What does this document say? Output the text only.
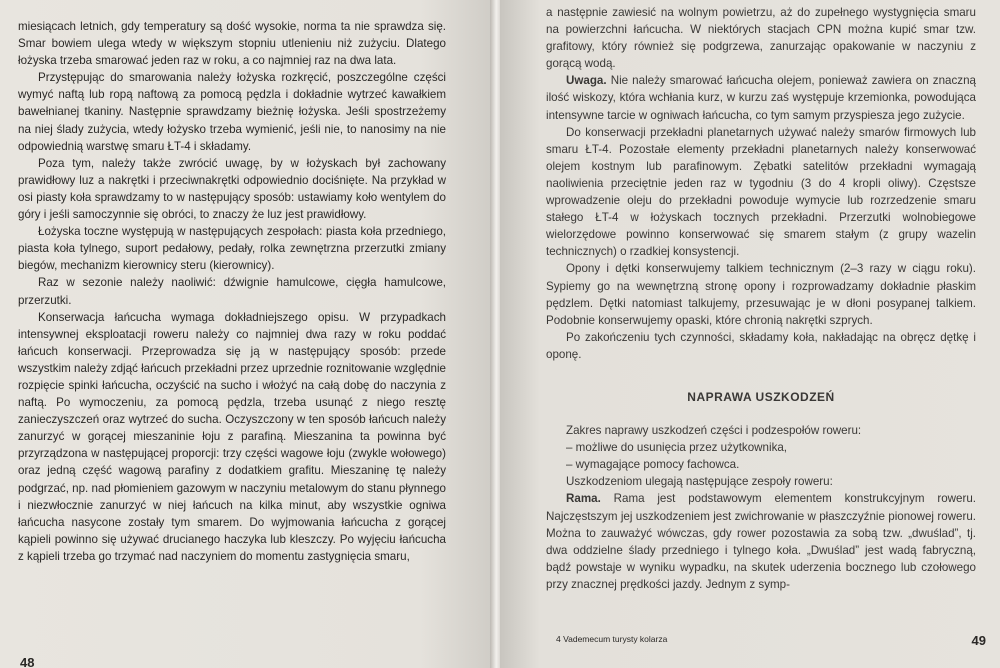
miesiącach letnich, gdy temperatury są dość wysokie, norma ta nie sprawdza się. Smar bowiem ulega wtedy w większym stopniu utlenieniu niż zużyciu. Dlatego łożyska trzeba smarować jeden raz w roku, a co najmniej raz na dwa lata.

Przystępując do smarowania należy łożyska rozkręcić, poszczególne części wymyć naftą lub ropą naftową za pomocą pędzla i dokładnie wytrzeć kawałkiem bawełnianej tkaniny. Następnie sprawdzamy bieżnię łożyska. Jeśli spostrzeżemy na niej ślady zużycia, wtedy łożysko trzeba wymienić, jeśli nie, to nanosimy na nie odpowiednią warstwę smaru ŁT-4 i składamy.

Poza tym, należy także zwrócić uwagę, by w łożyskach był zachowany prawidłowy luz a nakrętki i przeciwnakrętki odpowiednio dociśnięte. Na przykład w osi piasty koła sprawdzamy to w następujący sposób: ustawiamy koło wentylem do góry i jeśli samoczynnie się obróci, to znaczy że luz jest prawidłowy.

Łożyska toczne występują w następujących zespołach: piasta koła przedniego, piasta koła tylnego, suport pedałowy, pedały, rolka zewnętrzna przerzutki zmiany biegów, mechanizm kierownicy steru (kierownicy).

Raz w sezonie należy naoliwić: dźwignie hamulcowe, cięgła hamulcowe, przerzutki.

Konserwacja łańcucha wymaga dokładniejszego opisu. W przypadkach intensywnej eksploatacji roweru należy co najmniej dwa razy w roku poddać łańcuch konserwacji. Przeprowadza się ją w następujący sposób: przede wszystkim należy zdjąć łańcuch przekładni przez uprzednie roznitowanie względnie rozpięcie spinki łańcucha, oczyścić na sucho i włożyć na całą dobę do naczynia z naftą. Po wymoczeniu, za pomocą pędzla, trzeba usunąć z niego resztę zanieczyszczeń oraz wytrzeć do sucha. Oczyszczony w ten sposób łańcuch należy zanurzyć w gorącej mieszaninie łoju z parafiną. Mieszanina ta powinna być przyrządzona w następującej proporcji: trzy części wagowe łoju (zwykle wołowego) oraz jedną część wagową parafiny z dodatkiem grafitu. Mieszaninę tę należy podgrzać, np. nad płomieniem gazowym w naczyniu metalowym do stanu płynnego i niezwłocznie zanurzyć w niej łańcuch na kilka minut, aby wszystkie ogniwa łańcucha nasycone zostały tym smarem. Do wyjmowania łańcucha z gorącej kąpieli powinno się używać drucianego haczyka lub kleszczy. Po wyjęciu łańcucha z kąpieli trzeba go trzymać nad naczyniem do momentu zastygnięcia smaru,

48

a następnie zawiesić na wolnym powietrzu, aż do zupełnego wystygnięcia smaru na powierzchni łańcucha. W niektórych stacjach CPN można kupić smar tzw. grafitowy, który również się podgrzewa, zanurzając opakowanie w naczyniu z gorącą wodą.

Uwaga. Nie należy smarować łańcucha olejem, ponieważ zawiera on znaczną ilość wiskozy, która wchłania kurz, w kurzu zaś występuje krzemionka, powodująca intensywne tarcie w ogniwach łańcucha, co tym samym przyspiesza jego zużycie.

Do konserwacji przekładni planetarnych używać należy smarów firmowych lub smaru ŁT-4. Pozostałe elementy przekładni planetarnych należy konserwować olejem kostnym lub parafinowym. Zębatki satelitów przekładni wymagają naoliwienia przeciętnie jeden raz w tygodniu (3 do 4 kropli oliwy). Częstsze wprowadzenie oleju do przekładni powoduje wymycie lub rozrzedzenie smaru stałego ŁT-4 w łożyskach tocznych przekładni. Przerzutki wolnobiegowe wielorzędowe powinno konserwować się smarem stałym (z grupy wazelin technicznych) o rzadkiej konsystencji.

Opony i dętki konserwujemy talkiem technicznym (2–3 razy w ciągu roku). Sypiemy go na wewnętrzną stronę opony i rozprowadzamy dokładnie płaskim pędzlem. Dętki natomiast talkujemy, przesuwając je w dłoni posypanej talkiem. Podobnie konserwujemy opaski, które chronią nakrętki szprych.

Po zakończeniu tych czynności, składamy koła, nakładając na obręcz dętkę i oponę.

NAPRAWA USZKODZEŃ

Zakres naprawy uszkodzeń części i podzespołów roweru:

– możliwe do usunięcia przez użytkownika,

– wymagające pomocy fachowca.

Uszkodzeniom ulegają następujące zespoły roweru:

Rama. Rama jest podstawowym elementem konstrukcyjnym roweru. Najczęstszym jej uszkodzeniem jest zwichrowanie w płaszczyźnie pionowej roweru. Można to zauważyć wówczas, gdy rower pozostawia za sobą tzw. „dwuślad”, tj. dwa oddzielne ślady przedniego i tylnego koła. „Dwuślad” jest wadą fabryczną, bądź powstaje w wyniku wypadku, na skutek uderzenia bocznego lub czołowego przy znacznej prędkości jazdy. Jednym z symp-

4 Vademecum turysty kolarza	49
